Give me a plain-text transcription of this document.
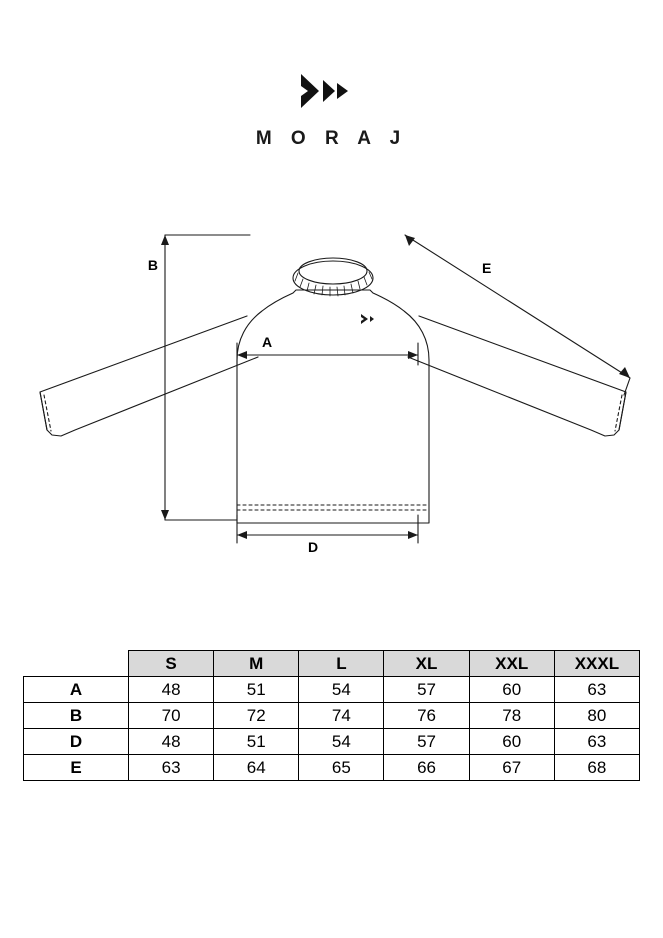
M O R A J
B
A
D
E
	S	M	L	XL	XXL	XXXL
A	48	51	54	57	60	63
B	70	72	74	76	78	80
D	48	51	54	57	60	63
E	63	64	65	66	67	68
